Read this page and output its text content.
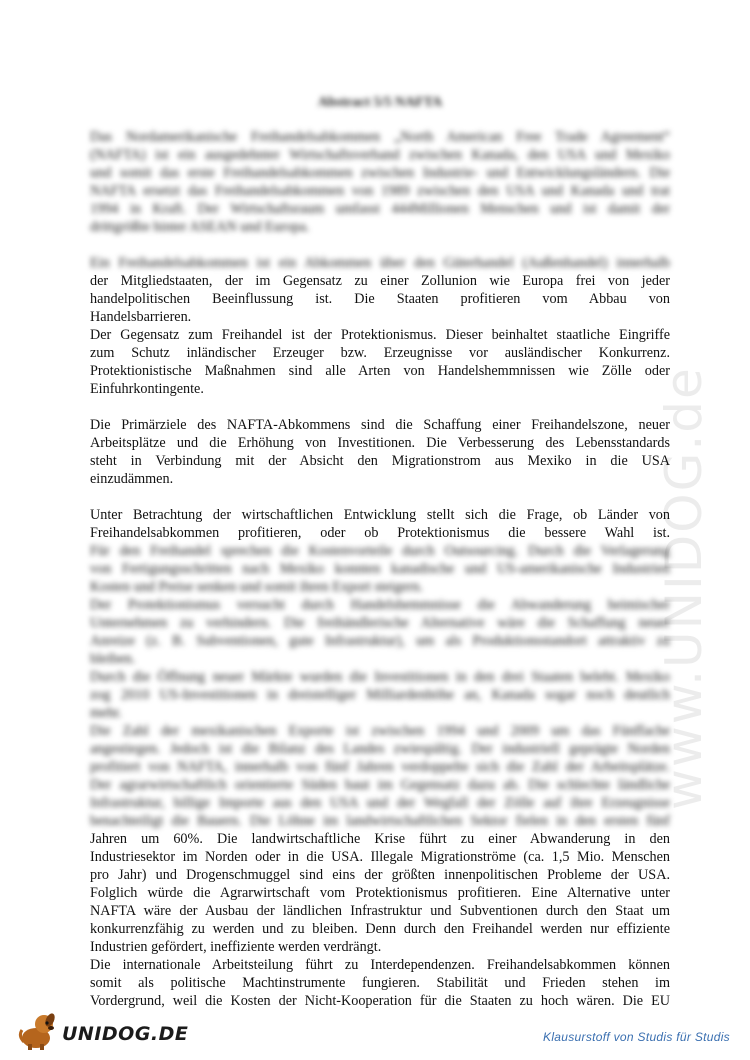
www.UNIDOG.de
Abstract 5/5 NAFTA
Das Nordamerikanische Freihandelsabkommen „North American Free Trade Agreement“
(NAFTA) ist ein ausgedehnter Wirtschaftsverband zwischen Kanada, den USA und Mexiko
und somit das erste Freihandelsabkommen zwischen Industrie- und Entwicklungsländern. Die
NAFTA ersetzt das Freihandelsabkommen von 1989 zwischen den USA und Kanada und trat
1994 in Kraft. Der Wirtschaftsraum umfasst 444Millionen Menschen und ist damit der
drittgrößte hinter ASEAN und Europa.
Ein Freihandelsabkommen ist ein Abkommen über den Güterhandel (Außenhandel) innerhalb
der Mitgliedstaaten, der im Gegensatz zu einer Zollunion wie Europa frei von jeder
handelpolitischen Beeinflussung ist. Die Staaten profitieren vom Abbau von
Handelsbarrieren.
Der Gegensatz zum Freihandel ist der Protektionismus. Dieser beinhaltet staatliche Eingriffe
zum Schutz inländischer Erzeuger bzw. Erzeugnisse vor ausländischer Konkurrenz.
Protektionistische Maßnahmen sind alle Arten von Handelshemmnissen wie Zölle oder
Einfuhrkontingente.
Die Primärziele des NAFTA-Abkommens sind die Schaffung einer Freihandelszone, neuer
Arbeitsplätze und die Erhöhung von Investitionen. Die Verbesserung des Lebensstandards
steht in Verbindung mit der Absicht den Migrationstrom aus Mexiko in die USA
einzudämmen.
Unter Betrachtung der wirtschaftlichen Entwicklung stellt sich die Frage, ob Länder von
Freihandelsabkommen profitieren, oder ob Protektionismus die bessere Wahl ist.
Für den Freihandel sprechen die Kostenvorteile durch Outsourcing. Durch die Verlagerung
von Fertigungsschritten nach Mexiko konnten kanadische und US-amerikanische Industrien
Kosten und Preise senken und somit ihren Export steigern.
Der Protektionismus versucht durch Handelshemmnisse die Abwanderung heimischer
Unternehmen zu verhindern. Die freihändlerische Alternative wäre die Schaffung neuer
Anreize (z. B. Subventionen, gute Infrastruktur), um als Produktionsstandort attraktiv zu
bleiben.
Durch die Öffnung neuer Märkte wurden die Investitionen in den drei Staaten belebt. Mexiko
zog 2010 US-Investitionen in dreistelliger Milliardenhöhe an, Kanada sogar noch deutlich
mehr.
Die Zahl der mexikanischen Exporte ist zwischen 1994 und 2009 um das Fünffache
angestiegen. Jedoch ist die Bilanz des Landes zwiespältig. Der industriell geprägte Norden
profitiert von NAFTA, innerhalb von fünf Jahren verdoppelte sich die Zahl der Arbeitsplätze.
Der agrarwirtschaftlich orientierte Süden baut im Gegensatz dazu ab. Die schlechte ländliche
Infrastruktur, billige Importe aus den USA und der Wegfall der Zölle auf ihre Erzeugnisse
benachteiligt die Bauern. Die Löhne im landwirtschaftlichen Sektor fielen in den ersten fünf
Jahren um 60%. Die landwirtschaftliche Krise führt zu einer Abwanderung in den
Industriesektor im Norden oder in die USA. Illegale Migrationströme (ca. 1,5 Mio. Menschen
pro Jahr) und Drogenschmuggel sind eins der größten innenpolitischen Probleme der USA.
Folglich würde die Agrarwirtschaft vom Protektionismus profitieren. Eine Alternative unter
NAFTA wäre der Ausbau der ländlichen Infrastruktur und Subventionen durch den Staat um
konkurrenzfähig zu werden und zu bleiben. Denn durch den Freihandel werden nur effiziente
Industrien gefördert, ineffiziente werden verdrängt.
Die internationale Arbeitsteilung führt zu Interdependenzen. Freihandelsabkommen können
somit als politische Machtinstrumente fungieren. Stabilität und Frieden stehen im
Vordergrund, weil die Kosten der Nicht-Kooperation für die Staaten zu hoch wären. Die EU
UNIDOG.DE	Klausurstoff von Studis für Studis
